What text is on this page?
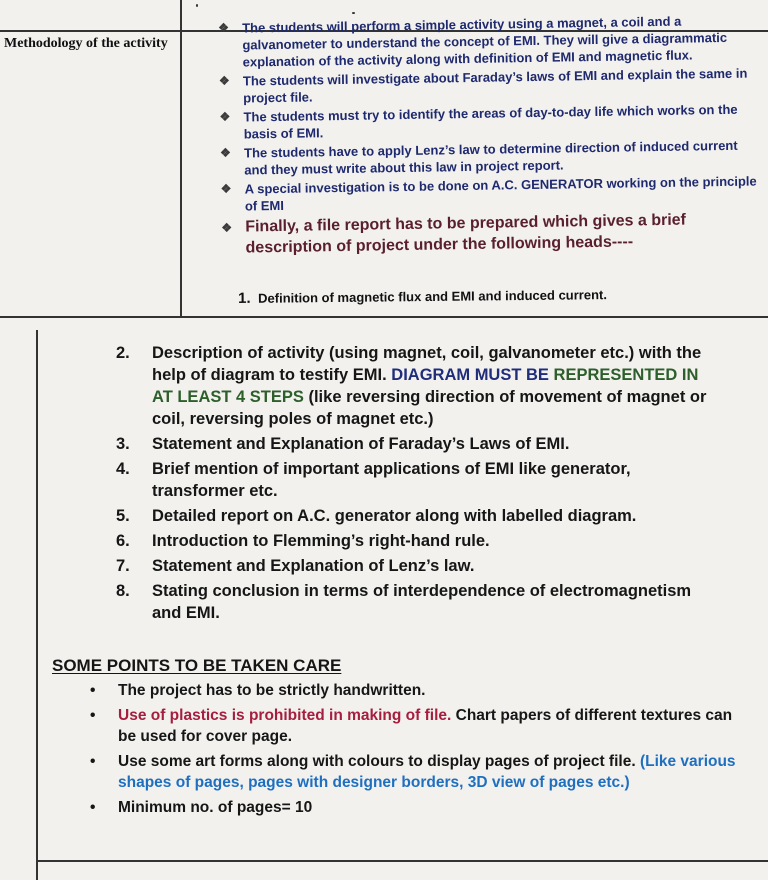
Methodology of the activity
❖ The students will perform a simple activity using a magnet, a coil and a galvanometer to understand the concept of EMI. They will give a diagrammatic explanation of the activity along with definition of EMI and magnetic flux.
❖ The students will investigate about Faraday’s laws of EMI and explain the same in project file.
❖ The students must try to identify the areas of day-to-day life which works on the basis of EMI.
❖ The students have to apply Lenz’s law to determine direction of induced current and they must write about this law in project report.
❖ A special investigation is to be done on A.C. GENERATOR working on the principle of EMI
❖ Finally, a file report has to be prepared which gives a brief description of project under the following heads----
1. Definition of magnetic flux and EMI and induced current.
2. Description of activity (using magnet, coil, galvanometer etc.) with the help of diagram to testify EMI. DIAGRAM MUST BE REPRESENTED IN AT LEAST 4 STEPS (like reversing direction of movement of magnet or coil, reversing poles of magnet etc.)
3. Statement and Explanation of Faraday’s Laws of EMI.
4. Brief mention of important applications of EMI like generator, transformer etc.
5. Detailed report on A.C. generator along with labelled diagram.
6. Introduction to Flemming’s right-hand rule.
7. Statement and Explanation of Lenz’s law.
8. Stating conclusion in terms of interdependence of electromagnetism and EMI.
SOME POINTS TO BE TAKEN CARE
• The project has to be strictly handwritten.
• Use of plastics is prohibited in making of file. Chart papers of different textures can be used for cover page.
• Use some art forms along with colours to display pages of project file. (Like various shapes of pages, pages with designer borders, 3D view of pages etc.)
• Minimum no. of pages= 10
